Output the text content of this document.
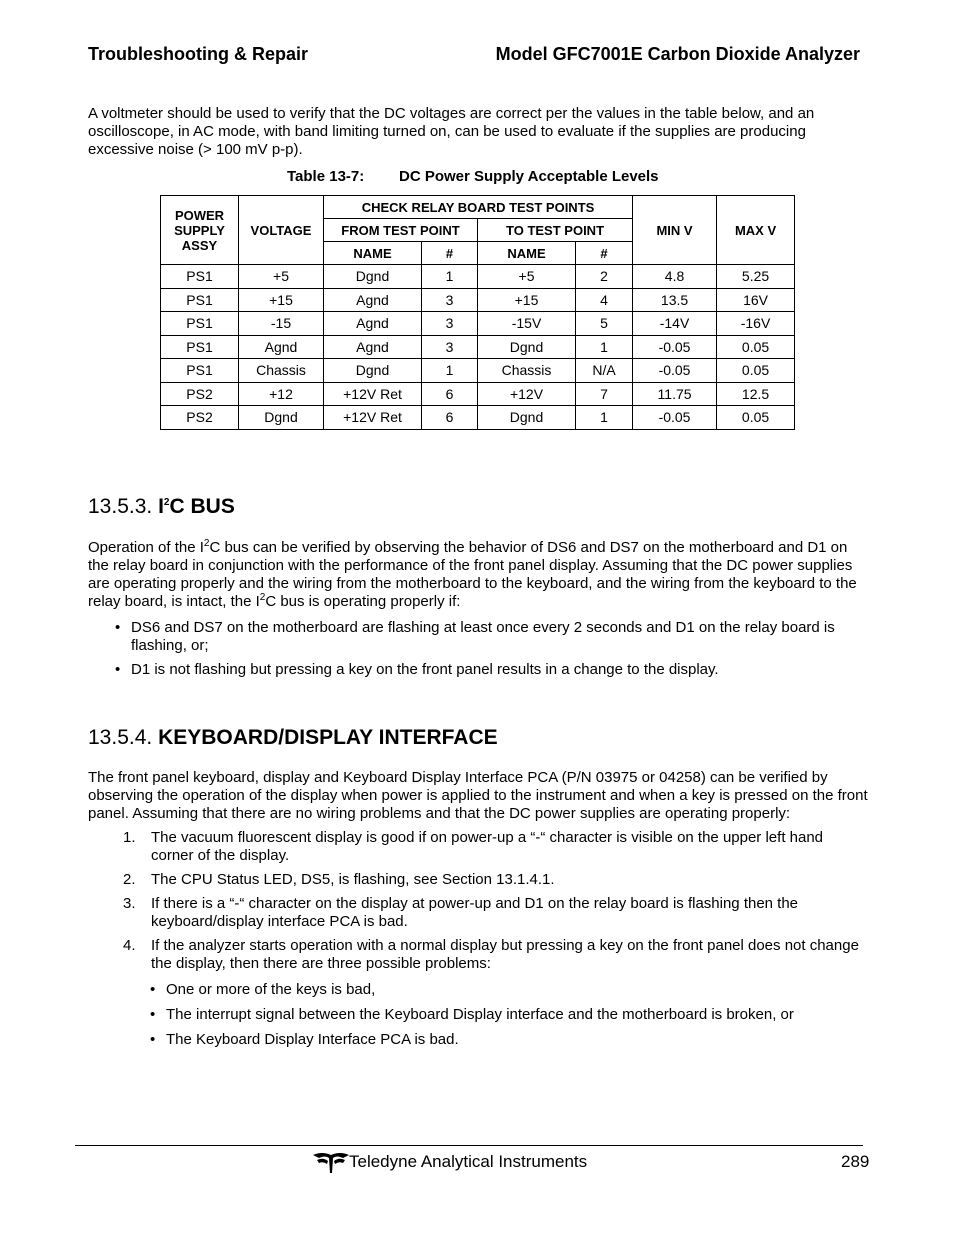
Troubleshooting & Repair	Model GFC7001E Carbon Dioxide Analyzer
A voltmeter should be used to verify that the DC voltages are correct per the values in the table below, and an oscilloscope, in AC mode, with band limiting turned on, can be used to evaluate if the supplies are producing excessive noise (> 100 mV p-p).
Table 13-7: DC Power Supply Acceptable Levels
POWER SUPPLY ASSY	VOLTAGE	CHECK RELAY BOARD TEST POINTS				MIN V	MAX V
		FROM TEST POINT		TO TEST POINT			
		NAME	#	NAME	#		
PS1	+5	Dgnd	1	+5	2	4.8	5.25
PS1	+15	Agnd	3	+15	4	13.5	16V
PS1	-15	Agnd	3	-15V	5	-14V	-16V
PS1	Agnd	Agnd	3	Dgnd	1	-0.05	0.05
PS1	Chassis	Dgnd	1	Chassis	N/A	-0.05	0.05
PS2	+12	+12V Ret	6	+12V	7	11.75	12.5
PS2	Dgnd	+12V Ret	6	Dgnd	1	-0.05	0.05
13.5.3. $I^2C$ BUS
Operation of the $I^2C$ bus can be verified by observing the behavior of DS6 and DS7 on the motherboard and D1 on the relay board in conjunction with the performance of the front panel display. Assuming that the DC power supplies are operating properly and the wiring from the motherboard to the keyboard, and the wiring from the keyboard to the relay board, is intact, the $I^2C$ bus is operating properly if:
• DS6 and DS7 on the motherboard are flashing at least once every 2 seconds and D1 on the relay board is flashing, or;
• D1 is not flashing but pressing a key on the front panel results in a change to the display.
13.5.4. KEYBOARD/DISPLAY INTERFACE
The front panel keyboard, display and Keyboard Display Interface PCA (P/N 03975 or 04258) can be verified by observing the operation of the display when power is applied to the instrument and when a key is pressed on the front panel. Assuming that there are no wiring problems and that the DC power supplies are operating properly:
1. The vacuum fluorescent display is good if on power-up a “-“ character is visible on the upper left hand corner of the display.
2. The CPU Status LED, DS5, is flashing, see Section 13.1.4.1.
3. If there is a “-“ character on the display at power-up and D1 on the relay board is flashing then the keyboard/display interface PCA is bad.
4. If the analyzer starts operation with a normal display but pressing a key on the front panel does not change the display, then there are three possible problems:
• One or more of the keys is bad,
• The interrupt signal between the Keyboard Display interface and the motherboard is broken, or
• The Keyboard Display Interface PCA is bad.
Teledyne Analytical Instruments	289
